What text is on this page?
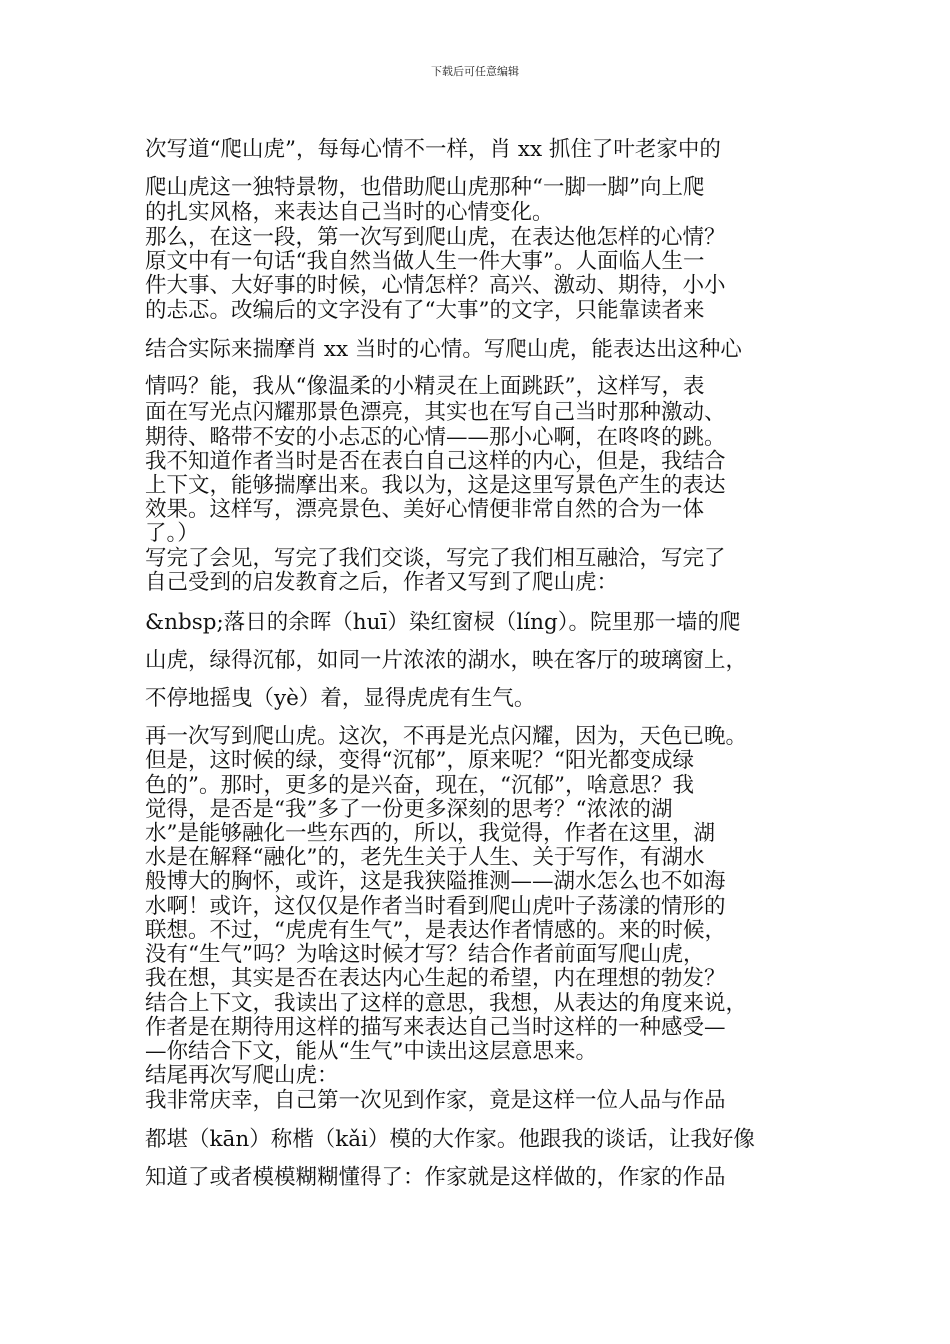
下载后可任意编辑
次写道“爬山虎”，每每心情不一样，肖 xx 抓住了叶老家中的
爬山虎这一独特景物，也借助爬山虎那种“一脚一脚”向上爬
的扎实风格，来表达自己当时的心情变化。
那么，在这一段，第一次写到爬山虎，在表达他怎样的心情？
原文中有一句话“我自然当做人生一件大事”。人面临人生一
件大事、大好事的时候，心情怎样？高兴、激动、期待，小小
的忐忑。改编后的文字没有了“大事”的文字，只能靠读者来
结合实际来揣摩肖 xx 当时的心情。写爬山虎，能表达出这种心
情吗？能，我从“像温柔的小精灵在上面跳跃”，这样写，表
面在写光点闪耀那景色漂亮，其实也在写自己当时那种激动、
期待、略带不安的小忐忑的心情——那小心啊，在咚咚的跳。
我不知道作者当时是否在表白自己这样的内心，但是，我结合
上下文，能够揣摩出来。我以为，这是这里写景色产生的表达
效果。这样写，漂亮景色、美好心情便非常自然的合为一体
了。）
写完了会见，写完了我们交谈，写完了我们相互融洽，写完了
自己受到的启发教育之后，作者又写到了爬山虎：
&nbsp;落日的余晖（huī）染红窗棂（líng）。院里那一墙的爬
山虎，绿得沉郁，如同一片浓浓的湖水，映在客厅的玻璃窗上，
不停地摇曳（yè）着，显得虎虎有生气。
再一次写到爬山虎。这次，不再是光点闪耀，因为，天色已晚。
但是，这时候的绿，变得“沉郁”，原来呢？“阳光都变成绿
色的”。那时，更多的是兴奋，现在，“沉郁”，啥意思？我
觉得，是否是“我”多了一份更多深刻的思考？“浓浓的湖
水”是能够融化一些东西的，所以，我觉得，作者在这里，湖
水是在解释“融化”的，老先生关于人生、关于写作，有湖水
般博大的胸怀，或许，这是我狭隘推测——湖水怎么也不如海
水啊！或许，这仅仅是作者当时看到爬山虎叶子荡漾的情形的
联想。不过，“虎虎有生气”，是表达作者情感的。来的时候，
没有“生气”吗？为啥这时候才写？结合作者前面写爬山虎，
我在想，其实是否在表达内心生起的希望，内在理想的勃发？
结合上下文，我读出了这样的意思，我想，从表达的角度来说，
作者是在期待用这样的描写来表达自己当时这样的一种感受—
—你结合下文，能从“生气”中读出这层意思来。
结尾再次写爬山虎：
我非常庆幸，自己第一次见到作家，竟是这样一位人品与作品
都堪（kān）称楷（kǎi）模的大作家。他跟我的谈话，让我好像
知道了或者模模糊糊懂得了：作家就是这样做的，作家的作品
